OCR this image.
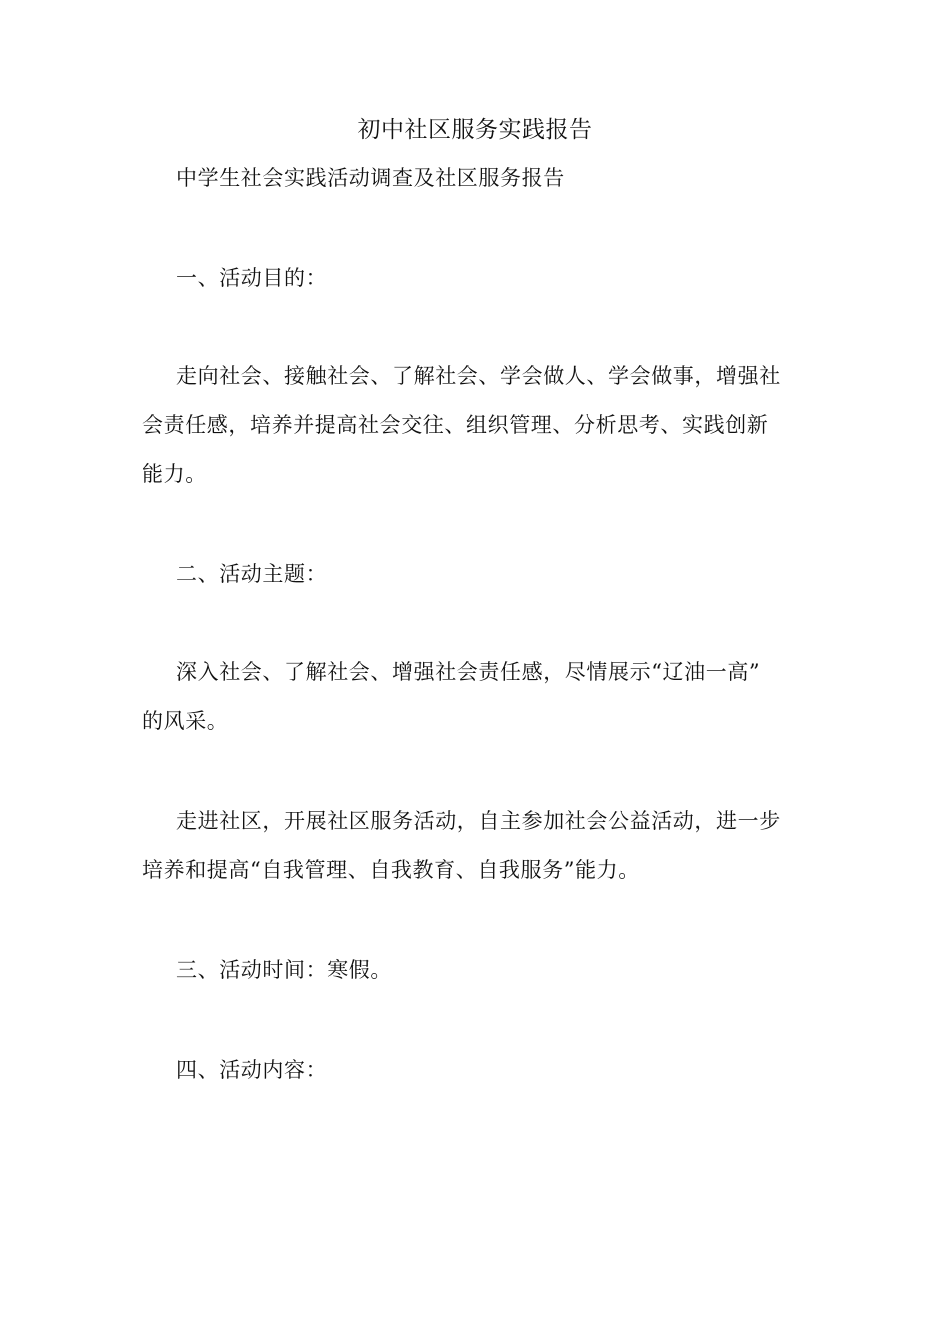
初中社区服务实践报告
中学生社会实践活动调查及社区服务报告
一、活动目的：
走向社会、接触社会、了解社会、学会做人、学会做事，增强社
会责任感，培养并提高社会交往、组织管理、分析思考、实践创新
能力。
二、活动主题：
深入社会、了解社会、增强社会责任感，尽情展示“辽油一高”
的风采。
走进社区，开展社区服务活动，自主参加社会公益活动，进一步
培养和提高“自我管理、自我教育、自我服务”能力。
三、活动时间：寒假。
四、活动内容：
